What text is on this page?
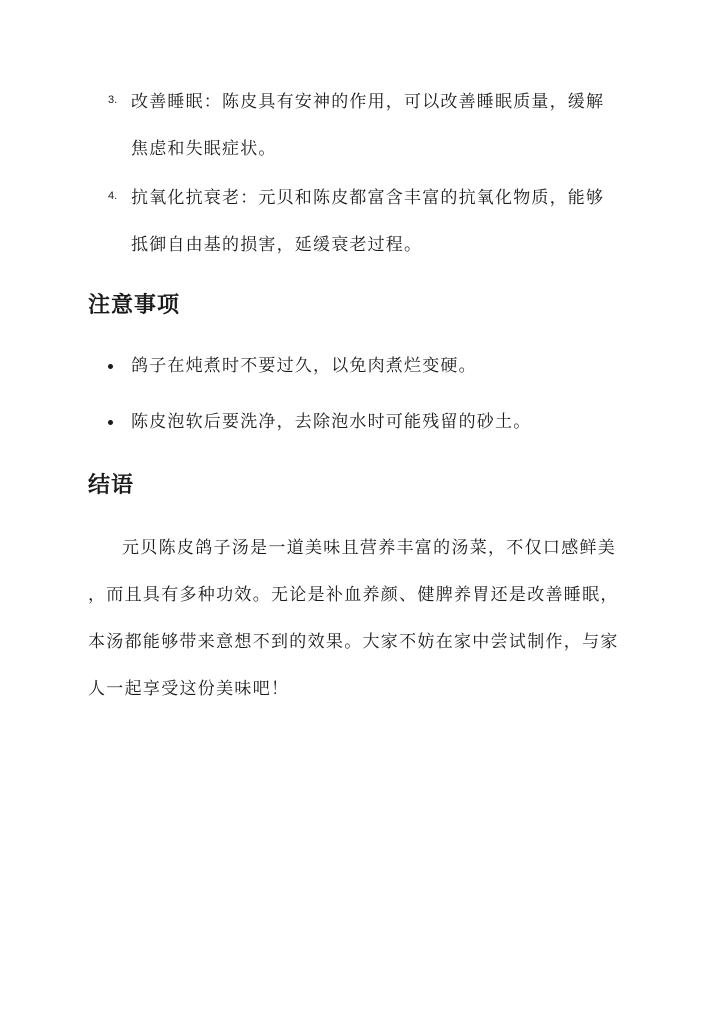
3. 改善睡眠：陈皮具有安神的作用，可以改善睡眠质量，缓解
焦虑和失眠症状。
4. 抗氧化抗衰老：元贝和陈皮都富含丰富的抗氧化物质，能够
抵御自由基的损害，延缓衰老过程。
注意事项
鸽子在炖煮时不要过久，以免肉煮烂变硬。
陈皮泡软后要洗净，去除泡水时可能残留的砂土。
结语
元贝陈皮鸽子汤是一道美味且营养丰富的汤菜，不仅口感鲜美
，而且具有多种功效。无论是补血养颜、健脾养胃还是改善睡眠，
本汤都能够带来意想不到的效果。大家不妨在家中尝试制作，与家
人一起享受这份美味吧！
